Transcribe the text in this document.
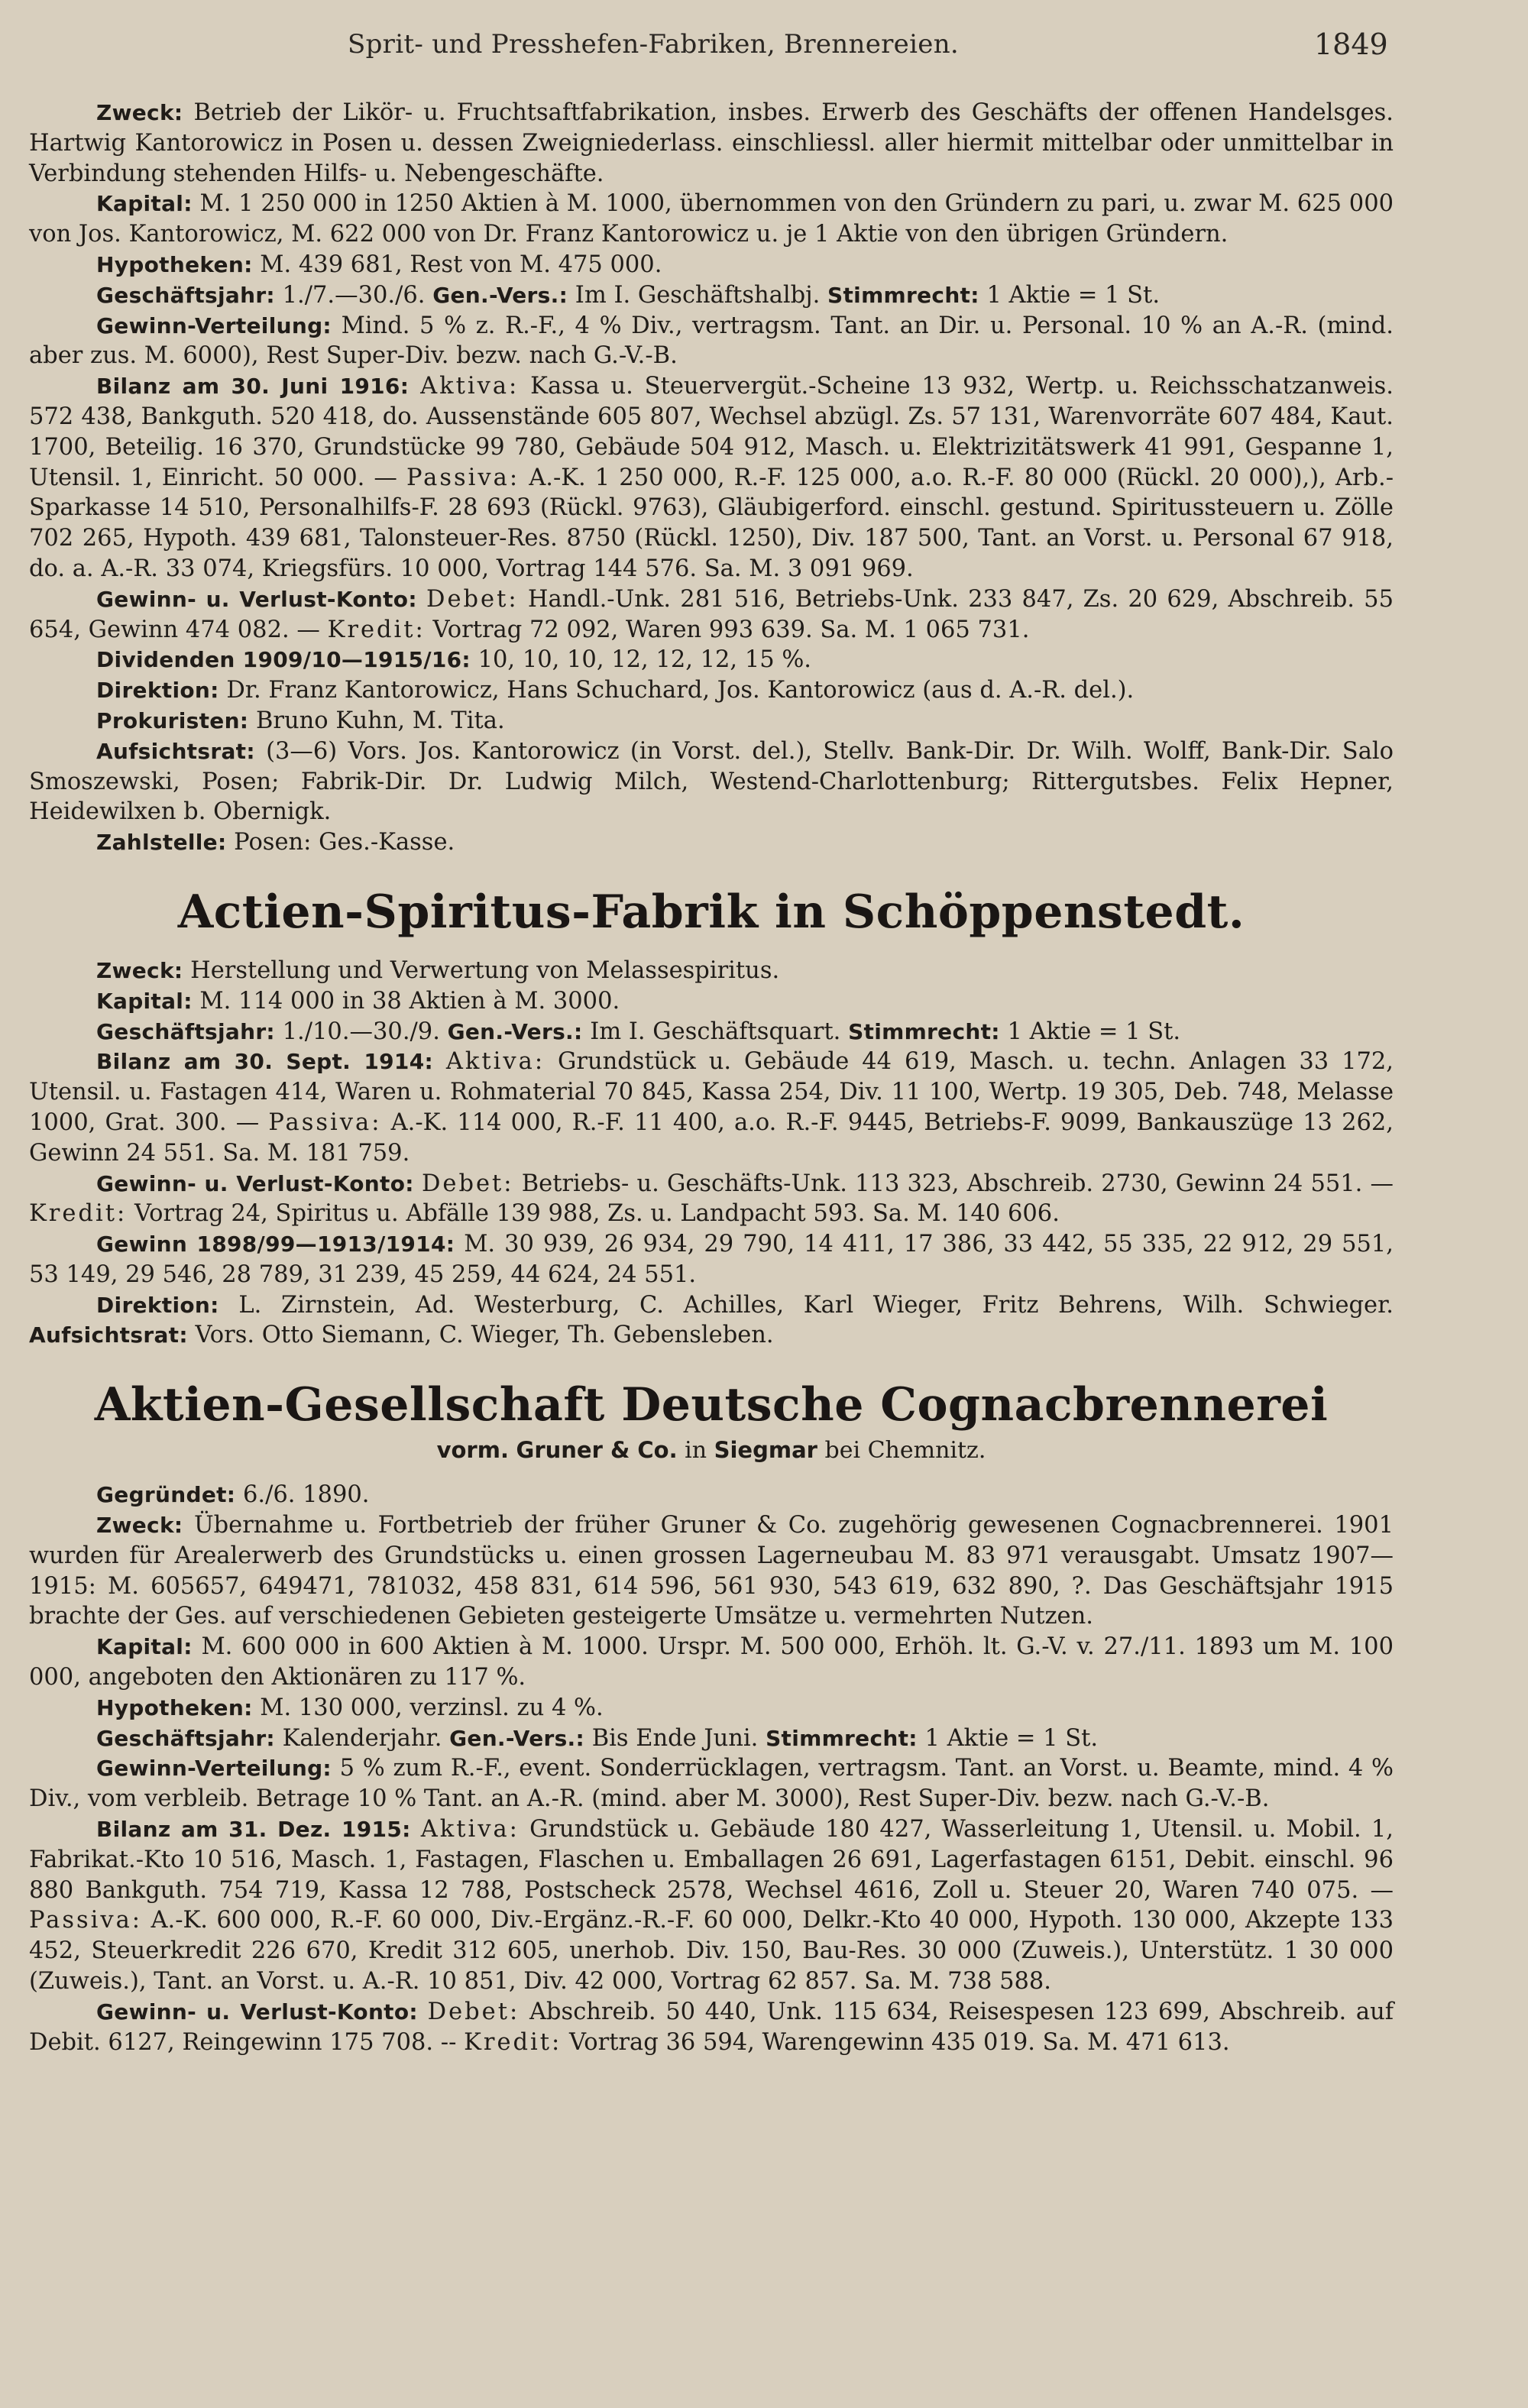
Sprit- und Presshefen-Fabriken, Brennereien.	1849

Zweck: Betrieb der Likör- u. Fruchtsaftfabrikation, insbes. Erwerb des Geschäfts der offenen Handelsges. Hartwig Kantorowicz in Posen u. dessen Zweigniederlass. einschliessl. aller hiermit mittelbar oder unmittelbar in Verbindung stehenden Hilfs- u. Nebengeschäfte.

Kapital: M. 1 250 000 in 1250 Aktien à M. 1000, übernommen von den Gründern zu pari, u. zwar M. 625 000 von Jos. Kantorowicz, M. 622 000 von Dr. Franz Kantorowicz u. je 1 Aktie von den übrigen Gründern.

Hypotheken: M. 439 681, Rest von M. 475 000.

Geschäftsjahr: 1./7.—30./6. Gen.-Vers.: Im I. Geschäftshalbj. Stimmrecht: 1 Aktie = 1 St.

Gewinn-Verteilung: Mind. 5 % z. R.-F., 4 % Div., vertragsm. Tant. an Dir. u. Personal. 10 % an A.-R. (mind. aber zus. M. 6000), Rest Super-Div. bezw. nach G.-V.-B.

Bilanz am 30. Juni 1916: Aktiva: Kassa u. Steuervergüt.-Scheine 13 932, Wertp. u. Reichsschatzanweis. 572 438, Bankguth. 520 418, do. Aussenstände 605 807, Wechsel abzügl. Zs. 57 131, Warenvorräte 607 484, Kaut. 1700, Beteilig. 16 370, Grundstücke 99 780, Gebäude 504 912, Masch. u. Elektrizitätswerk 41 991, Gespanne 1, Utensil. 1, Einricht. 50 000. — Passiva: A.-K. 1 250 000, R.-F. 125 000, a.o. R.-F. 80 000 (Rückl. 20 000),), Arb.-Sparkasse 14 510, Personalhilfs-F. 28 693 (Rückl. 9763), Gläubigerford. einschl. gestund. Spiritussteuern u. Zölle 702 265, Hypoth. 439 681, Talonsteuer-Res. 8750 (Rückl. 1250), Div. 187 500, Tant. an Vorst. u. Personal 67 918, do. a. A.-R. 33 074, Kriegsfürs. 10 000, Vortrag 144 576. Sa. M. 3 091 969.

Gewinn- u. Verlust-Konto: Debet: Handl.-Unk. 281 516, Betriebs-Unk. 233 847, Zs. 20 629, Abschreib. 55 654, Gewinn 474 082. — Kredit: Vortrag 72 092, Waren 993 639. Sa. M. 1 065 731.

Dividenden 1909/10—1915/16: 10, 10, 10, 12, 12, 12, 15 %.

Direktion: Dr. Franz Kantorowicz, Hans Schuchard, Jos. Kantorowicz (aus d. A.-R. del.).

Prokuristen: Bruno Kuhn, M. Tita.

Aufsichtsrat: (3—6) Vors. Jos. Kantorowicz (in Vorst. del.), Stellv. Bank-Dir. Dr. Wilh. Wolff, Bank-Dir. Salo Smoszewski, Posen; Fabrik-Dir. Dr. Ludwig Milch, Westend-Charlottenburg; Rittergutsbes. Felix Hepner, Heidewilxen b. Obernigk.

Zahlstelle: Posen: Ges.-Kasse.

Actien-Spiritus-Fabrik in Schöppenstedt.

Zweck: Herstellung und Verwertung von Melassespiritus.

Kapital: M. 114 000 in 38 Aktien à M. 3000.

Geschäftsjahr: 1./10.—30./9. Gen.-Vers.: Im I. Geschäftsquart. Stimmrecht: 1 Aktie = 1 St.

Bilanz am 30. Sept. 1914: Aktiva: Grundstück u. Gebäude 44 619, Masch. u. techn. Anlagen 33 172, Utensil. u. Fastagen 414, Waren u. Rohmaterial 70 845, Kassa 254, Div. 11 100, Wertp. 19 305, Deb. 748, Melasse 1000, Grat. 300. — Passiva: A.-K. 114 000, R.-F. 11 400, a.o. R.-F. 9445, Betriebs-F. 9099, Bankauszüge 13 262, Gewinn 24 551. Sa. M. 181 759.

Gewinn- u. Verlust-Konto: Debet: Betriebs- u. Geschäfts-Unk. 113 323, Abschreib. 2730, Gewinn 24 551. — Kredit: Vortrag 24, Spiritus u. Abfälle 139 988, Zs. u. Landpacht 593. Sa. M. 140 606.

Gewinn 1898/99—1913/1914: M. 30 939, 26 934, 29 790, 14 411, 17 386, 33 442, 55 335, 22 912, 29 551, 53 149, 29 546, 28 789, 31 239, 45 259, 44 624, 24 551.

Direktion: L. Zirnstein, Ad. Westerburg, C. Achilles, Karl Wieger, Fritz Behrens, Wilh. Schwieger. Aufsichtsrat: Vors. Otto Siemann, C. Wieger, Th. Gebensleben.

Aktien-Gesellschaft Deutsche Cognacbrennerei
vorm. Gruner & Co. in Siegmar bei Chemnitz.

Gegründet: 6./6. 1890.

Zweck: Übernahme u. Fortbetrieb der früher Gruner & Co. zugehörig gewesenen Cognacbrennerei. 1901 wurden für Arealerwerb des Grundstücks u. einen grossen Lagerneubau M. 83 971 verausgabt. Umsatz 1907—1915: M. 605657, 649471, 781032, 458 831, 614 596, 561 930, 543 619, 632 890, ?. Das Geschäftsjahr 1915 brachte der Ges. auf verschiedenen Gebieten gesteigerte Umsätze u. vermehrten Nutzen.

Kapital: M. 600 000 in 600 Aktien à M. 1000. Urspr. M. 500 000, Erhöh. lt. G.-V. v. 27./11. 1893 um M. 100 000, angeboten den Aktionären zu 117 %.

Hypotheken: M. 130 000, verzinsl. zu 4 %.

Geschäftsjahr: Kalenderjahr. Gen.-Vers.: Bis Ende Juni. Stimmrecht: 1 Aktie = 1 St.

Gewinn-Verteilung: 5 % zum R.-F., event. Sonderrücklagen, vertragsm. Tant. an Vorst. u. Beamte, mind. 4 % Div., vom verbleib. Betrage 10 % Tant. an A.-R. (mind. aber M. 3000), Rest Super-Div. bezw. nach G.-V.-B.

Bilanz am 31. Dez. 1915: Aktiva: Grundstück u. Gebäude 180 427, Wasserleitung 1, Utensil. u. Mobil. 1, Fabrikat.-Kto 10 516, Masch. 1, Fastagen, Flaschen u. Emballagen 26 691, Lagerfastagen 6151, Debit. einschl. 96 880 Bankguth. 754 719, Kassa 12 788, Postscheck 2578, Wechsel 4616, Zoll u. Steuer 20, Waren 740 075. — Passiva: A.-K. 600 000, R.-F. 60 000, Div.-Ergänz.-R.-F. 60 000, Delkr.-Kto 40 000, Hypoth. 130 000, Akzepte 133 452, Steuerkredit 226 670, Kredit 312 605, unerhob. Div. 150, Bau-Res. 30 000 (Zuweis.), Unterstütz. 1 30 000 (Zuweis.), Tant. an Vorst. u. A.-R. 10 851, Div. 42 000, Vortrag 62 857. Sa. M. 738 588.

Gewinn- u. Verlust-Konto: Debet: Abschreib. 50 440, Unk. 115 634, Reisespesen 123 699, Abschreib. auf Debit. 6127, Reingewinn 175 708. -- Kredit: Vortrag 36 594, Warengewinn 435 019. Sa. M. 471 613.
